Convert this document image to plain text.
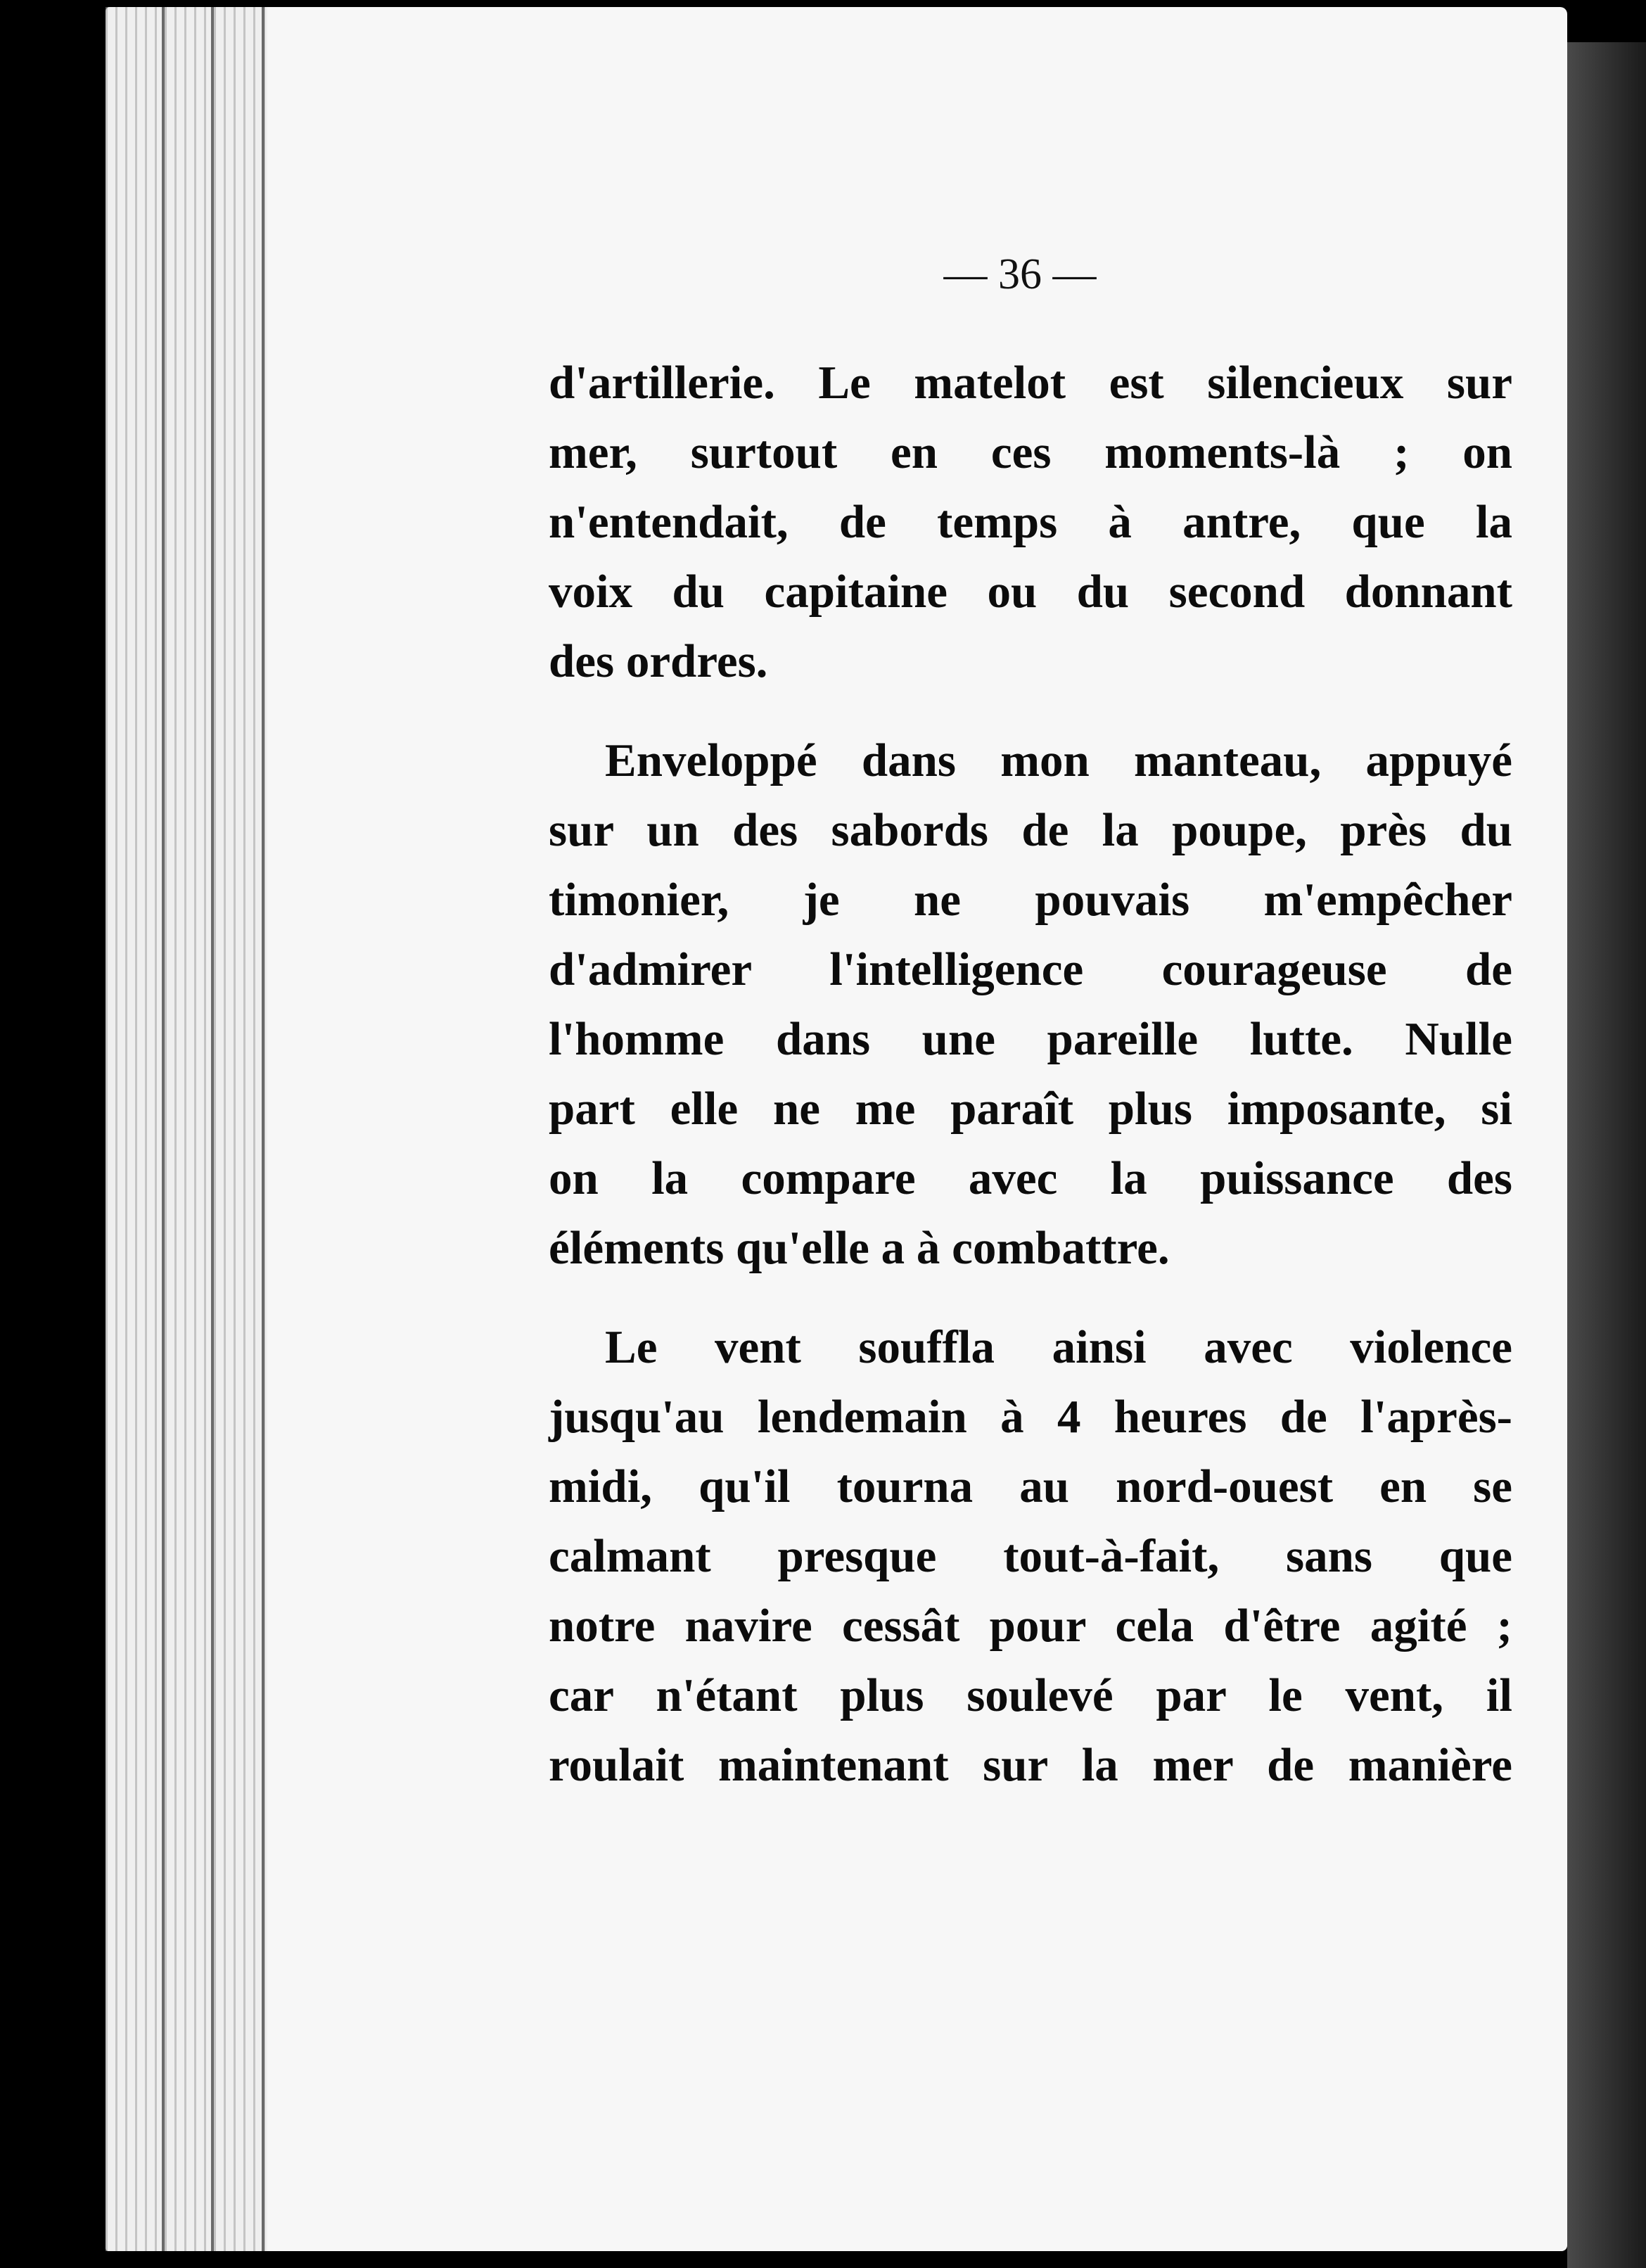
— 36 —
d'artillerie. Le matelot est silencieux sur
mer, surtout en ces moments-là ; on
n'entendait, de temps à antre, que la
voix du capitaine ou du second donnant
des ordres.
Enveloppé dans mon manteau, appuyé
sur un des sabords de la poupe, près du
timonier, je ne pouvais m'empêcher
d'admirer l'intelligence courageuse de
l'homme dans une pareille lutte. Nulle
part elle ne me paraît plus imposante, si
on la compare avec la puissance des
éléments qu'elle a à combattre.
Le vent souffla ainsi avec violence
jusqu'au lendemain à 4 heures de l'après-
midi, qu'il tourna au nord-ouest en se
calmant presque tout-à-fait, sans que
notre navire cessât pour cela d'être agité ;
car n'étant plus soulevé par le vent, il
roulait maintenant sur la mer de manière
